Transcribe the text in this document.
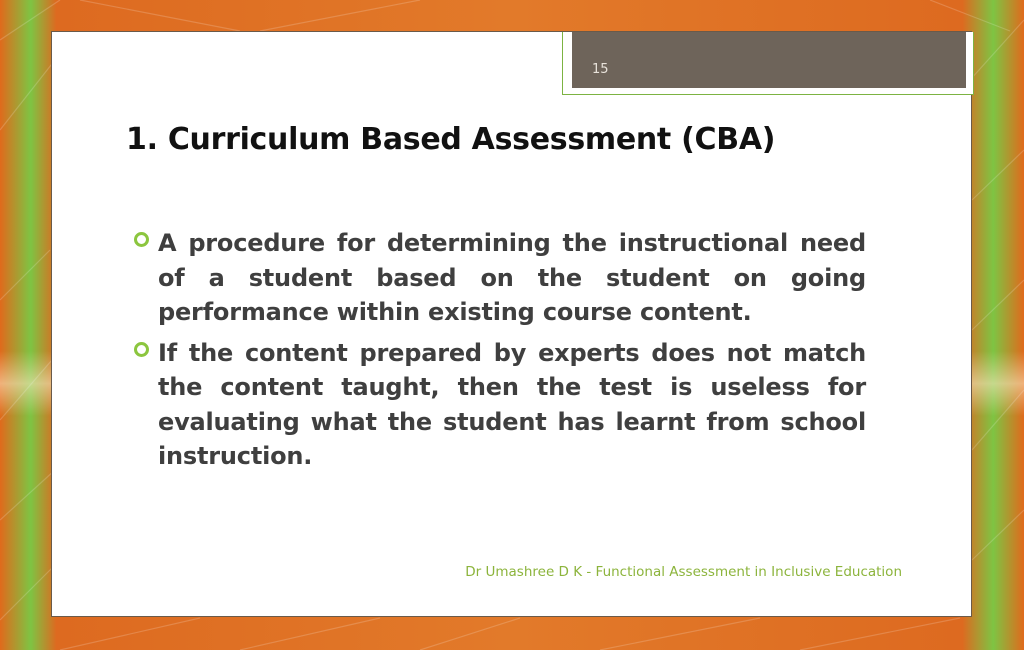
15
1. Curriculum Based Assessment (CBA)
A procedure for determining the instructional need of a student based on the student on going performance within existing course content.
If the content prepared by experts does not match the content taught, then the test is useless for evaluating what the student has learnt from school instruction.
Dr Umashree D K - Functional Assessment in Inclusive Education
